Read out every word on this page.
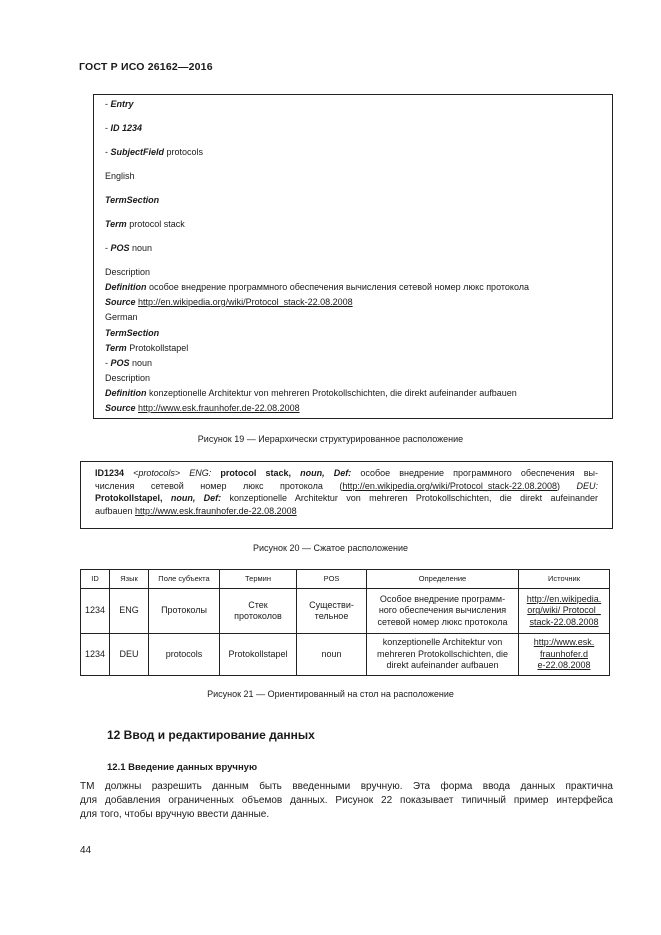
ГОСТ Р ИСО 26162—2016
- Entry
- ID 1234
- SubjectField protocols
English
TermSection
Term protocol stack
- POS noun
Description
Definition особое внедрение программного обеспечения вычисления сетевой номер люкс протокола
Source http://en.wikipedia.org/wiki/Protocol_stack-22.08.2008
German
TermSection
Term Protokollstapel
- POS noun
Description
Definition konzeptionelle Architektur von mehreren Protokollschichten, die direkt aufeinander aufbauen
Source http://www.esk.fraunhofer.de-22.08.2008
Рисунок 19 — Иерархически структурированное расположение
ID1234 <protocols> ENG: protocol stack, noun, Def: особое внедрение программного обеспечения вы-
числения сетевой номер люкс протокола (http://en.wikipedia.org/wiki/Protocol_stack-22.08.2008) DEU:
Protokollstapel, noun, Def: konzeptionelle Architektur von mehreren Protokollschichten, die direkt aufeinander
aufbauen http://www.esk.fraunhofer.de-22.08.2008
Рисунок 20 — Сжатое расположение
ID	Язык	Поле субъекта	Термин	POS	Определение	Источник
1234	ENG	Протоколы	Стек
протоколов	Существи-
тельное	Особое внедрение программ-
ного обеспечения вычисления
сетевой номер люкс протокола	http://en.wikipedia.
org/wiki/ Protocol_
stack-22.08.2008
1234	DEU	protocols	Protokollstapel	noun	konzeptionelle Architektur von
mehreren Protokollschichten, die
direkt aufeinander aufbauen	http://www.esk.
fraunhofer.d
e-22.08.2008
Рисунок 21 — Ориентированный на стол на расположение
12 Ввод и редактирование данных
12.1 Введение данных вручную
ТМ должны разрешить данным быть введенными вручную. Эта форма ввода данных практична
для добавления ограниченных объемов данных. Рисунок 22 показывает типичный пример интерфейса
для того, чтобы вручную ввести данные.
44
